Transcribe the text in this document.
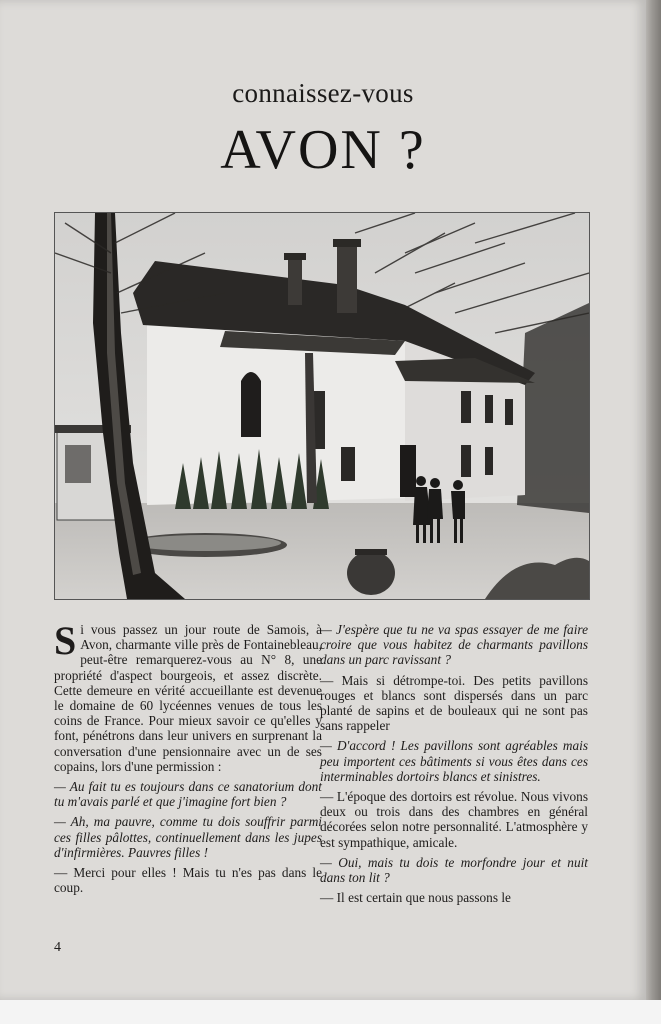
connaissez-vous
AVON ?

Si vous passez un jour route de Samois, à Avon, charmante ville près de Fontainebleau, peut-être remarquerez-vous au N° 8, une propriété d'aspect bourgeois, et assez discrète. Cette demeure en vérité accueillante est devenue le domaine de 60 lycéennes venues de tous les coins de France. Pour mieux savoir ce qu'elles y font, pénétrons dans leur univers en surprenant la conversation d'une pensionnaire avec un de ses copains, lors d'une permission :

— Au fait tu es toujours dans ce sanatorium dont tu m'avais parlé et que j'imagine fort bien ?

— Ah, ma pauvre, comme tu dois souffrir parmi ces filles pâlottes, continuellement dans les jupes d'infirmières. Pauvres filles !

— Merci pour elles ! Mais tu n'es pas dans le coup.

— J'espère que tu ne va spas essayer de me faire croire que vous habitez de charmants pavillons dans un parc ravissant ?

— Mais si détrompe-toi. Des petits pavillons rouges et blancs sont dispersés dans un parc planté de sapins et de bouleaux qui ne sont pas sans rappeler

— D'accord ! Les pavillons sont agréables mais peu importent ces bâtiments si vous êtes dans ces interminables dortoirs blancs et sinistres.

— L'époque des dortoirs est révolue. Nous vivons deux ou trois dans des chambres en général décorées selon notre personnalité. L'atmosphère y est sympathique, amicale.

— Oui, mais tu dois te morfondre jour et nuit dans ton lit ?

— Il est certain que nous passons le

4
